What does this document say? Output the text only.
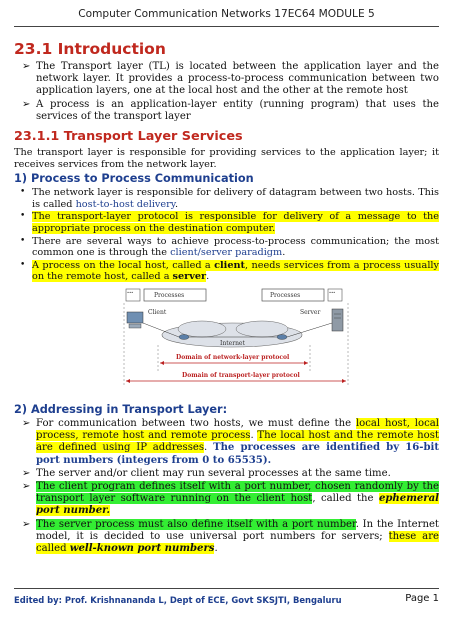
Computer Communication Networks 17EC64 MODULE 5
23.1 Introduction
➢ The Transport layer (TL) is located between the application layer and the network layer. It provides a process-to-process communication between two application layers, one at the local host and the other at the remote host
➢ A process is an application-layer entity (running program) that uses the services of the transport layer
23.1.1 Transport Layer Services

The transport layer is responsible for providing services to the application layer; it receives services from the network layer.

1) Process to Process Communication
• The network layer is responsible for delivery of datagram between two hosts. This is called host-to-host delivery.
• The transport-layer protocol is responsible for delivery of a message to the appropriate process on the destination computer.
• There are several ways to achieve process-to-process communication; the most common one is through the client/server paradigm.
• A process on the local host, called a client, needs services from a process usually on the remote host, called a server.
...	...
Processes	Processes
Client	Server
Internet
Domain of network-layer protocol
Domain of transport-layer protocol
2) Addressing in Transport Layer:
➢ For communication between two hosts, we must define the local host, local process, remote host and remote process. The local host and the remote host are defined using IP addresses. The processes are identified by 16-bit port numbers (integers from 0 to 65535).
➢ The server and/or client may run several processes at the same time.
➢ The client program defines itself with a port number, chosen randomly by the transport layer software running on the client host, called the ephemeral port number.
➢ The server process must also define itself with a port number. In the Internet model, it is decided to use universal port numbers for servers; these are called well-known port numbers.
Edited by: Prof. Krishnananda L, Dept of ECE, Govt SKSJTI, Bengaluru	Page 1
